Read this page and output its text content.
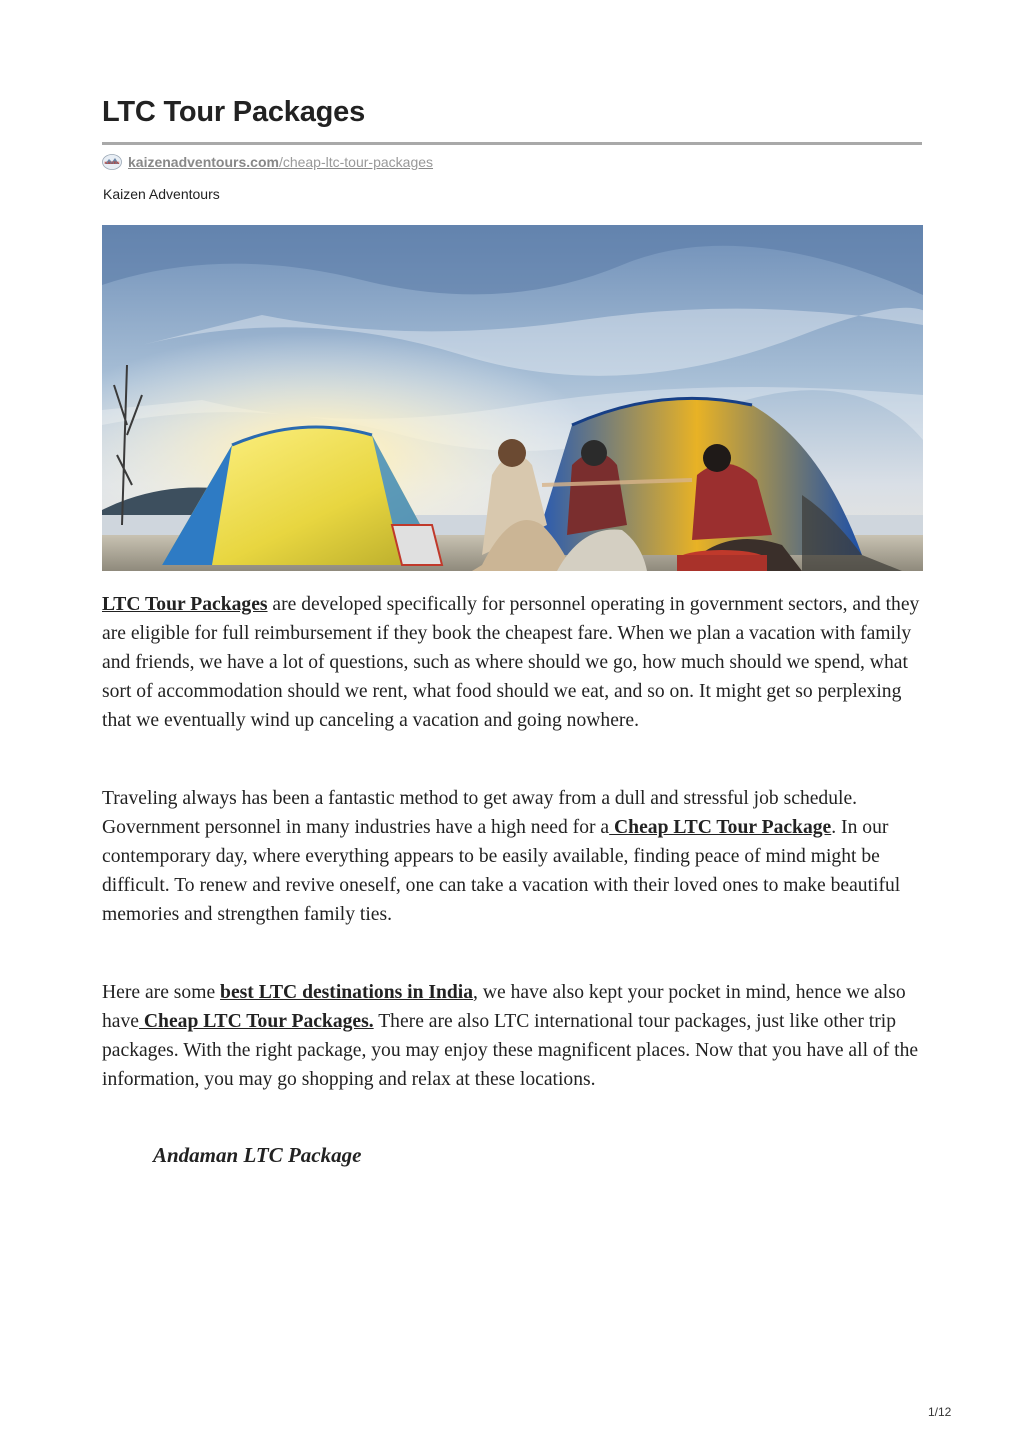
LTC Tour Packages
KAIZEN kaizenadventours.com/cheap-ltc-tour-packages
Kaizen Adventours

LTC Tour Packages are developed specifically for personnel operating in government sectors, and they are eligible for full reimbursement if they book the cheapest fare. When we plan a vacation with family and friends, we have a lot of questions, such as where should we go, how much should we spend, what sort of accommodation should we rent, what food should we eat, and so on. It might get so perplexing that we eventually wind up canceling a vacation and going nowhere.

Traveling always has been a fantastic method to get away from a dull and stressful job schedule. Government personnel in many industries have a high need for a Cheap LTC Tour Package. In our contemporary day, where everything appears to be easily available, finding peace of mind might be difficult. To renew and revive oneself, one can take a vacation with their loved ones to make beautiful memories and strengthen family ties.

Here are some best LTC destinations in India, we have also kept your pocket in mind, hence we also have Cheap LTC Tour Packages. There are also LTC international tour packages, just like other trip packages. With the right package, you may enjoy these magnificent places. Now that you have all of the information, you may go shopping and relax at these locations.

Andaman LTC Package
1/12
